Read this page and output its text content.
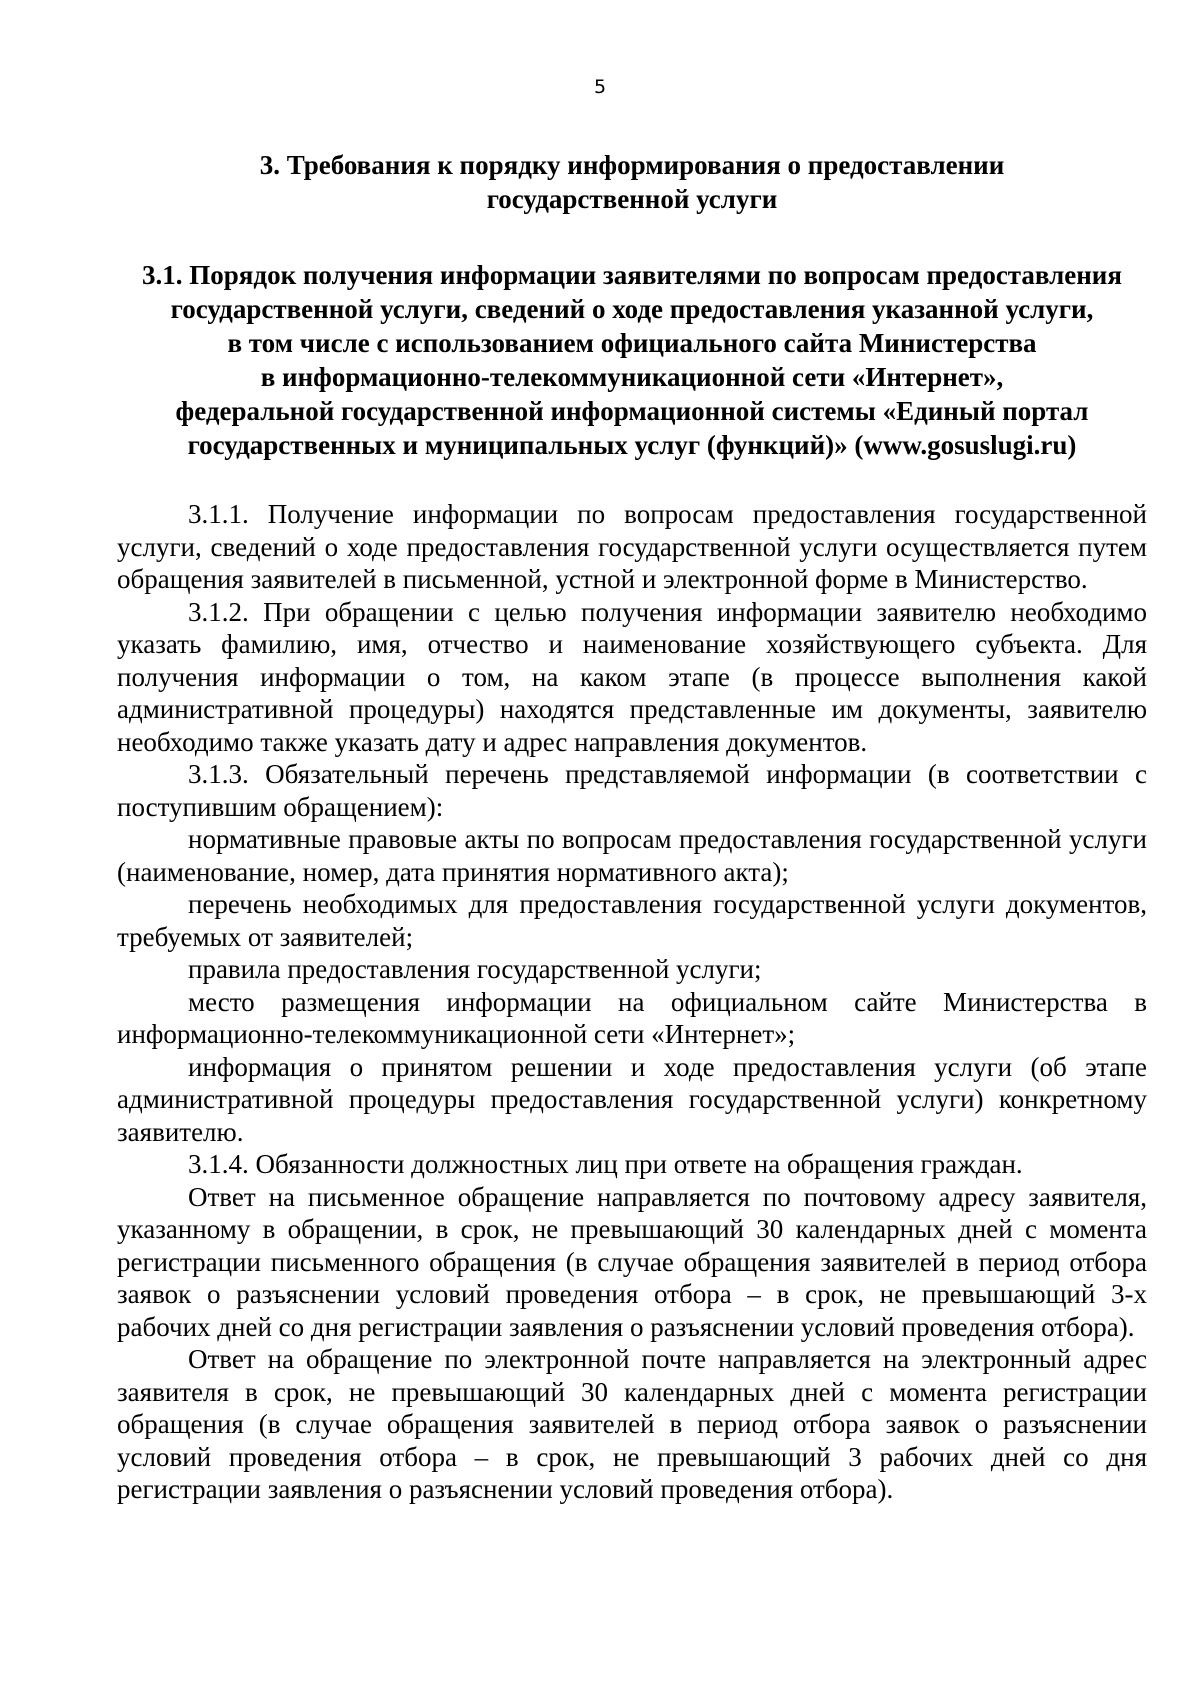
5
3. Требования к порядку информирования о предоставлении
государственной услуги
3.1. Порядок получения информации заявителями по вопросам предоставления
государственной услуги, сведений о ходе предоставления указанной услуги,
в том числе с использованием официального сайта Министерства
в информационно-телекоммуникационной сети «Интернет»,
федеральной государственной информационной системы «Единый портал
государственных и муниципальных услуг (функций)» (www.gosuslugi.ru)

3.1.1. Получение информации по вопросам предоставления государственной услуги, сведений о ходе предоставления государственной услуги осуществляется путем обращения заявителей в письменной, устной и электронной форме в Министерство.

3.1.2. При обращении с целью получения информации заявителю необходимо указать фамилию, имя, отчество и наименование хозяйствующего субъекта. Для получения информации о том, на каком этапе (в процессе выполнения какой административной процедуры) находятся представленные им документы, заявителю необходимо также указать дату и адрес направления документов.

3.1.3. Обязательный перечень представляемой информации (в соответствии с поступившим обращением):

нормативные правовые акты по вопросам предоставления государственной услуги (наименование, номер, дата принятия нормативного акта);

перечень необходимых для предоставления государственной услуги документов, требуемых от заявителей;

правила предоставления государственной услуги;

место размещения информации на официальном сайте Министерства в информационно-телекоммуникационной сети «Интернет»;

информация о принятом решении и ходе предоставления услуги (об этапе административной процедуры предоставления государственной услуги) конкретному заявителю.

3.1.4. Обязанности должностных лиц при ответе на обращения граждан.

Ответ на письменное обращение направляется по почтовому адресу заявителя, указанному в обращении, в срок, не превышающий 30 календарных дней с момента регистрации письменного обращения (в случае обращения заявителей в период отбора заявок о разъяснении условий проведения отбора – в срок, не превышающий 3-х рабочих дней со дня регистрации заявления о разъяснении условий проведения отбора).

Ответ на обращение по электронной почте направляется на электронный адрес заявителя в срок, не превышающий 30 календарных дней с момента регистрации обращения (в случае обращения заявителей в период отбора заявок о разъяснении условий проведения отбора – в срок, не превышающий 3 рабочих дней со дня регистрации заявления о разъяснении условий проведения отбора).
